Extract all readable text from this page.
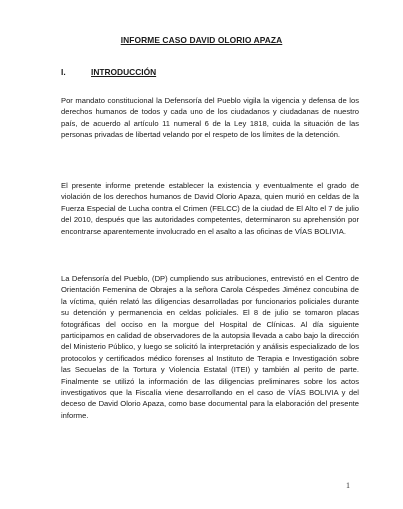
INFORME CASO DAVID OLORIO APAZA
I.	INTRODUCCIÓN

Por mandato constitucional la Defensoría del Pueblo vigila la vigencia y defensa de los derechos humanos de todos y cada uno de los ciudadanos y ciudadanas de nuestro país, de acuerdo al artículo 11 numeral 6 de la Ley 1818, cuida la situación de las personas privadas de libertad velando por el respeto de los límites de la detención.

El presente informe pretende establecer la existencia y eventualmente el grado de violación de los derechos humanos de David Olorio Apaza, quien murió en celdas de la Fuerza Especial de Lucha contra el Crimen (FELCC) de la ciudad de El Alto el 7 de julio del 2010, después que las autoridades competentes, determinaron su aprehensión por encontrarse aparentemente involucrado en el asalto a las oficinas de VÍAS BOLIVIA.

La Defensoría del Pueblo, (DP) cumpliendo sus atribuciones, entrevistó en el Centro de Orientación Femenina de Obrajes a la señora Carola Céspedes Jiménez concubina de la víctima, quién relató las diligencias desarrolladas por funcionarios policiales durante su detención y permanencia en celdas policiales. El 8 de julio se tomaron placas fotográficas del occiso en la morgue del Hospital de Clínicas. Al día siguiente participamos en calidad de observadores de la autopsia llevada a cabo bajo la dirección del Ministerio Público, y luego se solicitó la interpretación y análisis especializado de los protocolos y certificados médico forenses al Instituto de Terapia e Investigación sobre las Secuelas de la Tortura y Violencia Estatal (ITEI) y también al perito de parte. Finalmente se utilizó la información de las diligencias preliminares sobre los actos investigativos que la Fiscalía viene desarrollando en el caso de VÍAS BOLIVIA y del deceso de David Olorio Apaza, como base documental para la elaboración del presente informe.

1
